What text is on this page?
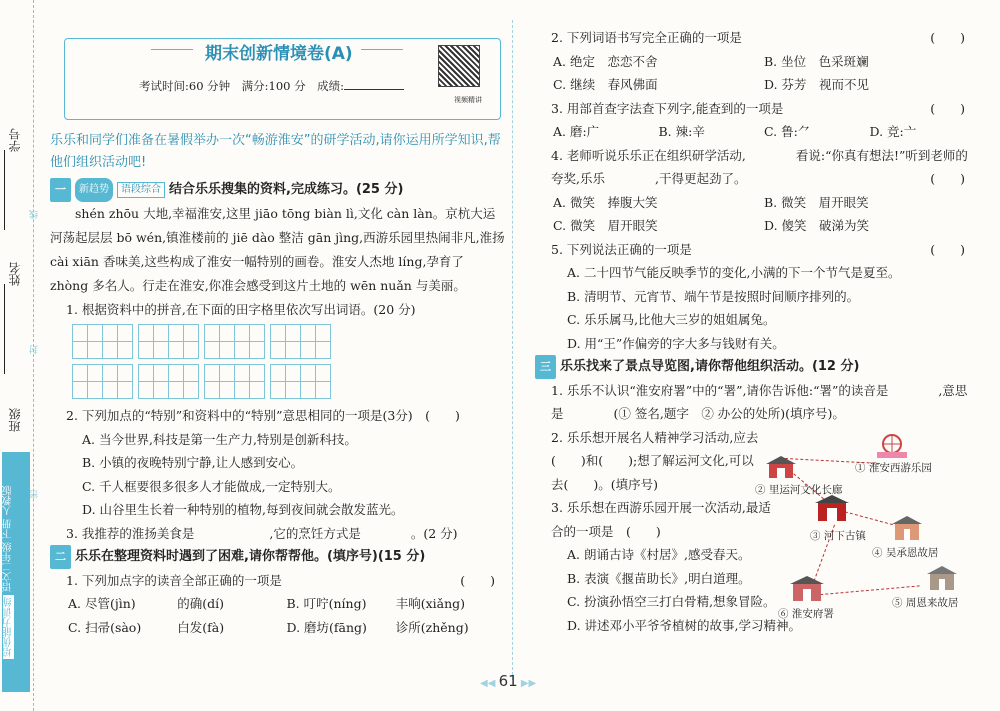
学号
姓名
班级
线
封
密
培优能力训练 语文二年级 下册 人教版
期末创新情境卷(A)
考试时间:60 分钟　满分:100 分　成绩:
视频精讲
乐乐和同学们准备在暑假举办一次“畅游淮安”的研学活动,请你运用所学知识,帮他们组织活动吧!
一	新趋势	语段综合 结合乐乐搜集的资料,完成练习。(25 分)
shén zhōu 大地,幸福淮安,这里 jiāo tōng biàn lì,文化 càn làn。京杭大运河荡起层层 bō wén,镇淮楼前的 jiē dào 整洁 gān jìng,西游乐园里热闹非凡,淮扬 cài xiān 香味美,这些构成了淮安一幅特别的画卷。淮安人杰地 líng,孕育了 zhòng 多名人。行走在淮安,你准会感受到这片土地的 wēn nuǎn 与美丽。
1. 根据资料中的拼音,在下面的田字格里依次写出词语。(20 分)
2. 下列加点的“特别”和资料中的“特别”意思相同的一项是(3分)　(　　)
A. 当今世界,科技是第一生产力,特别是创新科技。
B. 小镇的夜晚特别宁静,让人感到安心。
C. 千人框要很多很多人才能做成,一定特别大。
D. 山谷里生长着一种特别的植物,每到夜间就会散发蓝光。
3. 我推荐的淮扬美食是　　　　　　,它的烹饪方式是　　　　。(2 分)
二 乐乐在整理资料时遇到了困难,请你帮帮他。(填序号)(15 分)
1. 下列加点字的读音全部正确的一项是	(　　)
A. 尽管(jìn)	的确(dí)	B. 叮咛(níng)	丰响(xiǎng)
C. 扫帚(sào)	白发(fà)	D. 磨坊(fāng)	诊所(zhěng)
2. 下列词语书写完全正确的一项是	(　　)
A. 绝定　恋恋不舍	B. 坐位　色采斑斓
C. 继续　春风佛面	D. 芬芳　视而不见
3. 用部首查字法查下列字,能查到的一项是	(　　)
A. 磨:广	B. 辣:辛	C. 鲁:⺈	D. 竞:亠
4. 老师听说乐乐正在组织研学活动,　　　　看说:“你真有想法!”听到老师的夸奖,乐乐　　　　,干得更起劲了。	(　　)
A. 微笑　捧腹大笑	B. 微笑　眉开眼笑
C. 微笑　眉开眼笑	D. 傻笑　破涕为笑
5. 下列说法正确的一项是	(　　)
A. 二十四节气能反映季节的变化,小满的下一个节气是夏至。
B. 清明节、元宵节、端午节是按照时间顺序排列的。
C. 乐乐属马,比他大三岁的姐姐属兔。
D. 用“王”作偏旁的字大多与钱财有关。
三 乐乐找来了景点导览图,请你帮他组织活动。(12 分)
1. 乐乐不认识“淮安府署”中的“署”,请你告诉他:“署”的读音是　　　　,意思是　　　　(① 签名,题字　② 办公的处所)(填序号)。
2. 乐乐想开展名人精神学习活动,应去(　　)和(　　);想了解运河文化,可以去(　　)。(填序号)
3. 乐乐想在西游乐园开展一次活动,最适合的一项是　(　　)
A. 朗诵古诗《村居》,感受春天。
B. 表演《揠苗助长》,明白道理。
C. 扮演孙悟空三打白骨精,想象冒险。
D. 讲述邓小平爷爷植树的故事,学习精神。
① 淮安西游乐园
② 里运河文化长廊
③ 河下古镇
④ 吴承恩故居
⑥ 淮安府署
⑤ 周恩来故居
◀◀ 61 ▶▶
